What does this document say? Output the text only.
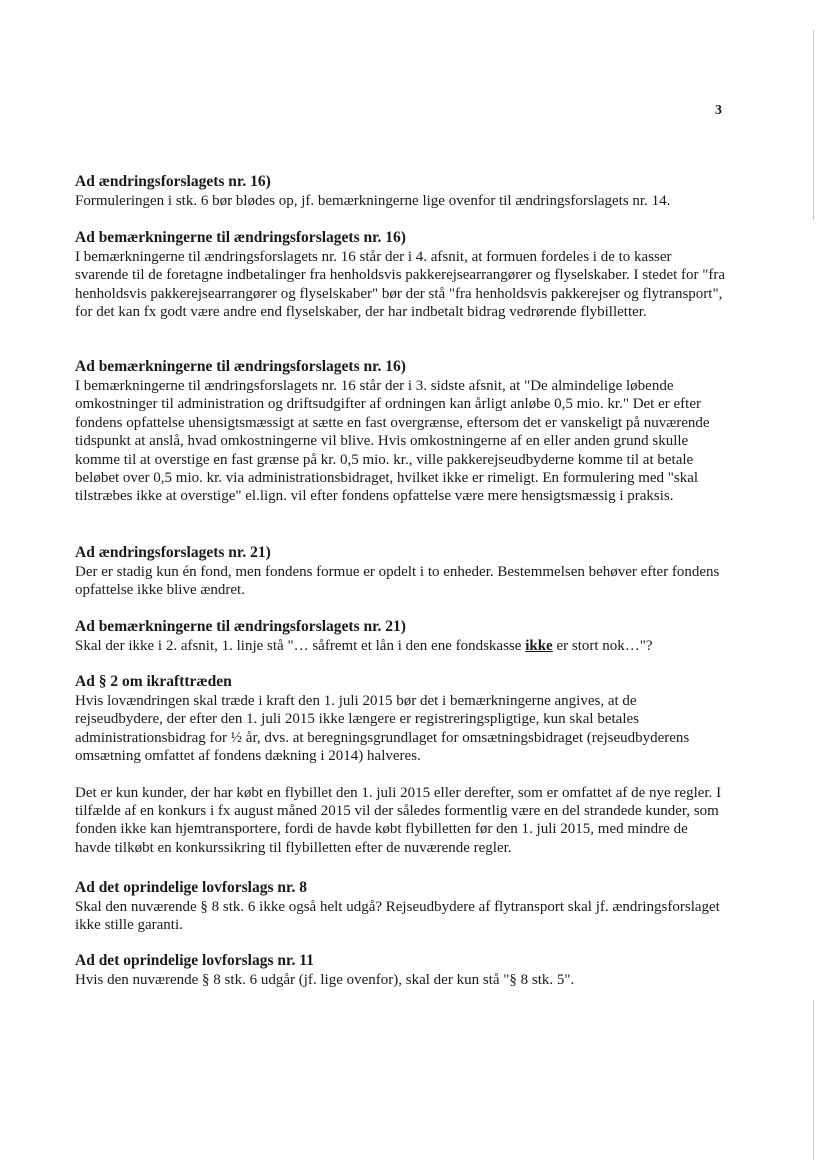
3
Ad ændringsforslagets nr. 16)

Formuleringen i stk. 6 bør blødes op, jf. bemærkningerne lige ovenfor til ændringsforslagets nr. 14.

Ad bemærkningerne til ændringsforslagets nr. 16)

I bemærkningerne til ændringsforslagets nr. 16 står der i 4. afsnit, at formuen fordeles i de to kasser svarende til de foretagne indbetalinger fra henholdsvis pakkerejsearrangører og flyselskaber. I stedet for "fra henholdsvis pakkerejsearrangører og flyselskaber" bør der stå "fra henholdsvis pakkerejser og flytransport", for det kan fx godt være andre end flyselskaber, der har indbetalt bidrag vedrørende flybilletter.

Ad bemærkningerne til ændringsforslagets nr. 16)

I bemærkningerne til ændringsforslagets nr. 16 står der i 3. sidste afsnit, at "De almindelige løbende omkostninger til administration og driftsudgifter af ordningen kan årligt anløbe 0,5 mio. kr." Det er efter fondens opfattelse uhensigtsmæssigt at sætte en fast overgrænse, eftersom det er vanskeligt på nuværende tidspunkt at anslå, hvad omkostningerne vil blive. Hvis omkostningerne af en eller anden grund skulle komme til at overstige en fast grænse på kr. 0,5 mio. kr., ville pakkerejseudbyderne komme til at betale beløbet over 0,5 mio. kr. via administrationsbidraget, hvilket ikke er rimeligt. En formulering med "skal tilstræbes ikke at overstige" el.lign. vil efter fondens opfattelse være mere hensigtsmæssig i praksis.

Ad ændringsforslagets nr. 21)

Der er stadig kun én fond, men fondens formue er opdelt i to enheder. Bestemmelsen behøver efter fondens opfattelse ikke blive ændret.

Ad bemærkningerne til ændringsforslagets nr. 21)

Skal der ikke i 2. afsnit, 1. linje stå "… såfremt et lån i den ene fondskasse ikke er stort nok…"?

Ad § 2 om ikrafttræden

Hvis lovændringen skal træde i kraft den 1. juli 2015 bør det i bemærkningerne angives, at de rejseudbydere, der efter den 1. juli 2015 ikke længere er registreringspligtige, kun skal betales administrationsbidrag for ½ år, dvs. at beregningsgrundlaget for omsætningsbidraget (rejseudbyderens omsætning omfattet af fondens dækning i 2014) halveres.

Det er kun kunder, der har købt en flybillet den 1. juli 2015 eller derefter, som er omfattet af de nye regler. I tilfælde af en konkurs i fx august måned 2015 vil der således formentlig være en del strandede kunder, som fonden ikke kan hjemtransportere, fordi de havde købt flybilletten før den 1. juli 2015, med mindre de havde tilkøbt en konkurssikring til flybilletten efter de nuværende regler.

Ad det oprindelige lovforslags nr. 8

Skal den nuværende § 8 stk. 6 ikke også helt udgå? Rejseudbydere af flytransport skal jf. ændringsforslaget ikke stille garanti.

Ad det oprindelige lovforslags nr. 11

Hvis den nuværende § 8 stk. 6 udgår (jf. lige ovenfor), skal der kun stå "§ 8 stk. 5".
